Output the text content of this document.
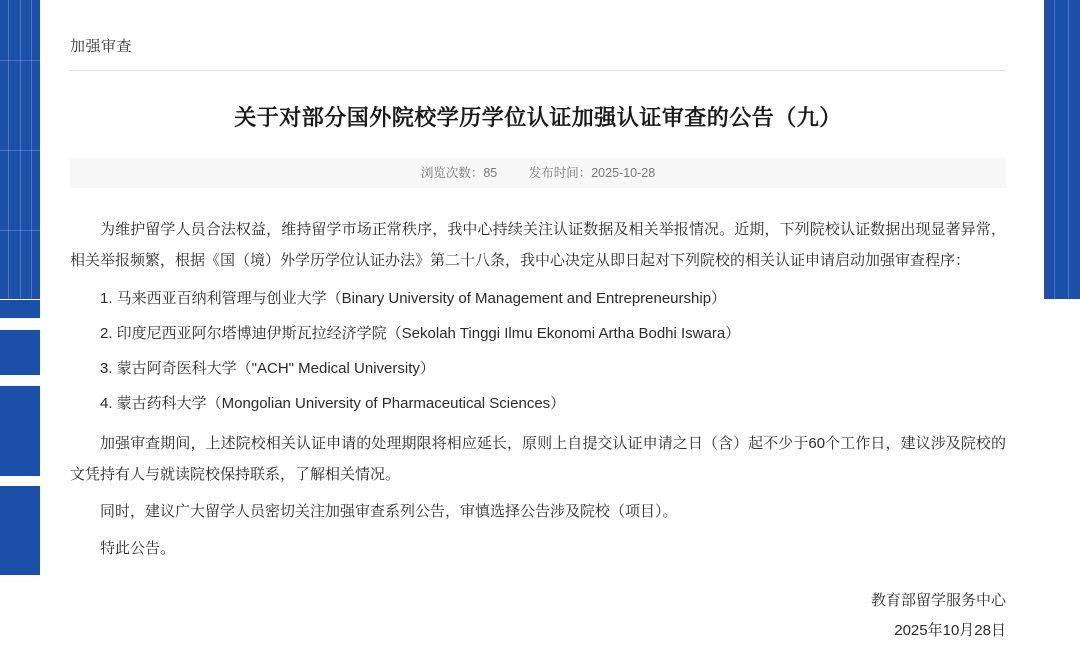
加强审查
关于对部分国外院校学历学位认证加强认证审查的公告（九）
浏览次数：85	发布时间：2025-10-28

为维护留学人员合法权益，维持留学市场正常秩序，我中心持续关注认证数据及相关举报情况。近期，下列院校认证数据出现显著异常，相关举报频繁，根据《国（境）外学历学位认证办法》第二十八条，我中心决定从即日起对下列院校的相关认证申请启动加强审查程序：

1. 马来西亚百纳利管理与创业大学（Binary University of Management and Entrepreneurship）
2. 印度尼西亚阿尔塔博迪伊斯瓦拉经济学院（Sekolah Tinggi Ilmu Ekonomi Artha Bodhi Iswara）
3. 蒙古阿奇医科大学（"ACH" Medical University）
4. 蒙古药科大学（Mongolian University of Pharmaceutical Sciences）

加强审查期间，上述院校相关认证申请的处理期限将相应延长，原则上自提交认证申请之日（含）起不少于60个工作日，建议涉及院校的文凭持有人与就读院校保持联系，了解相关情况。

同时，建议广大留学人员密切关注加强审查系列公告，审慎选择公告涉及院校（项目）。

特此公告。

教育部留学服务中心
2025年10月28日
